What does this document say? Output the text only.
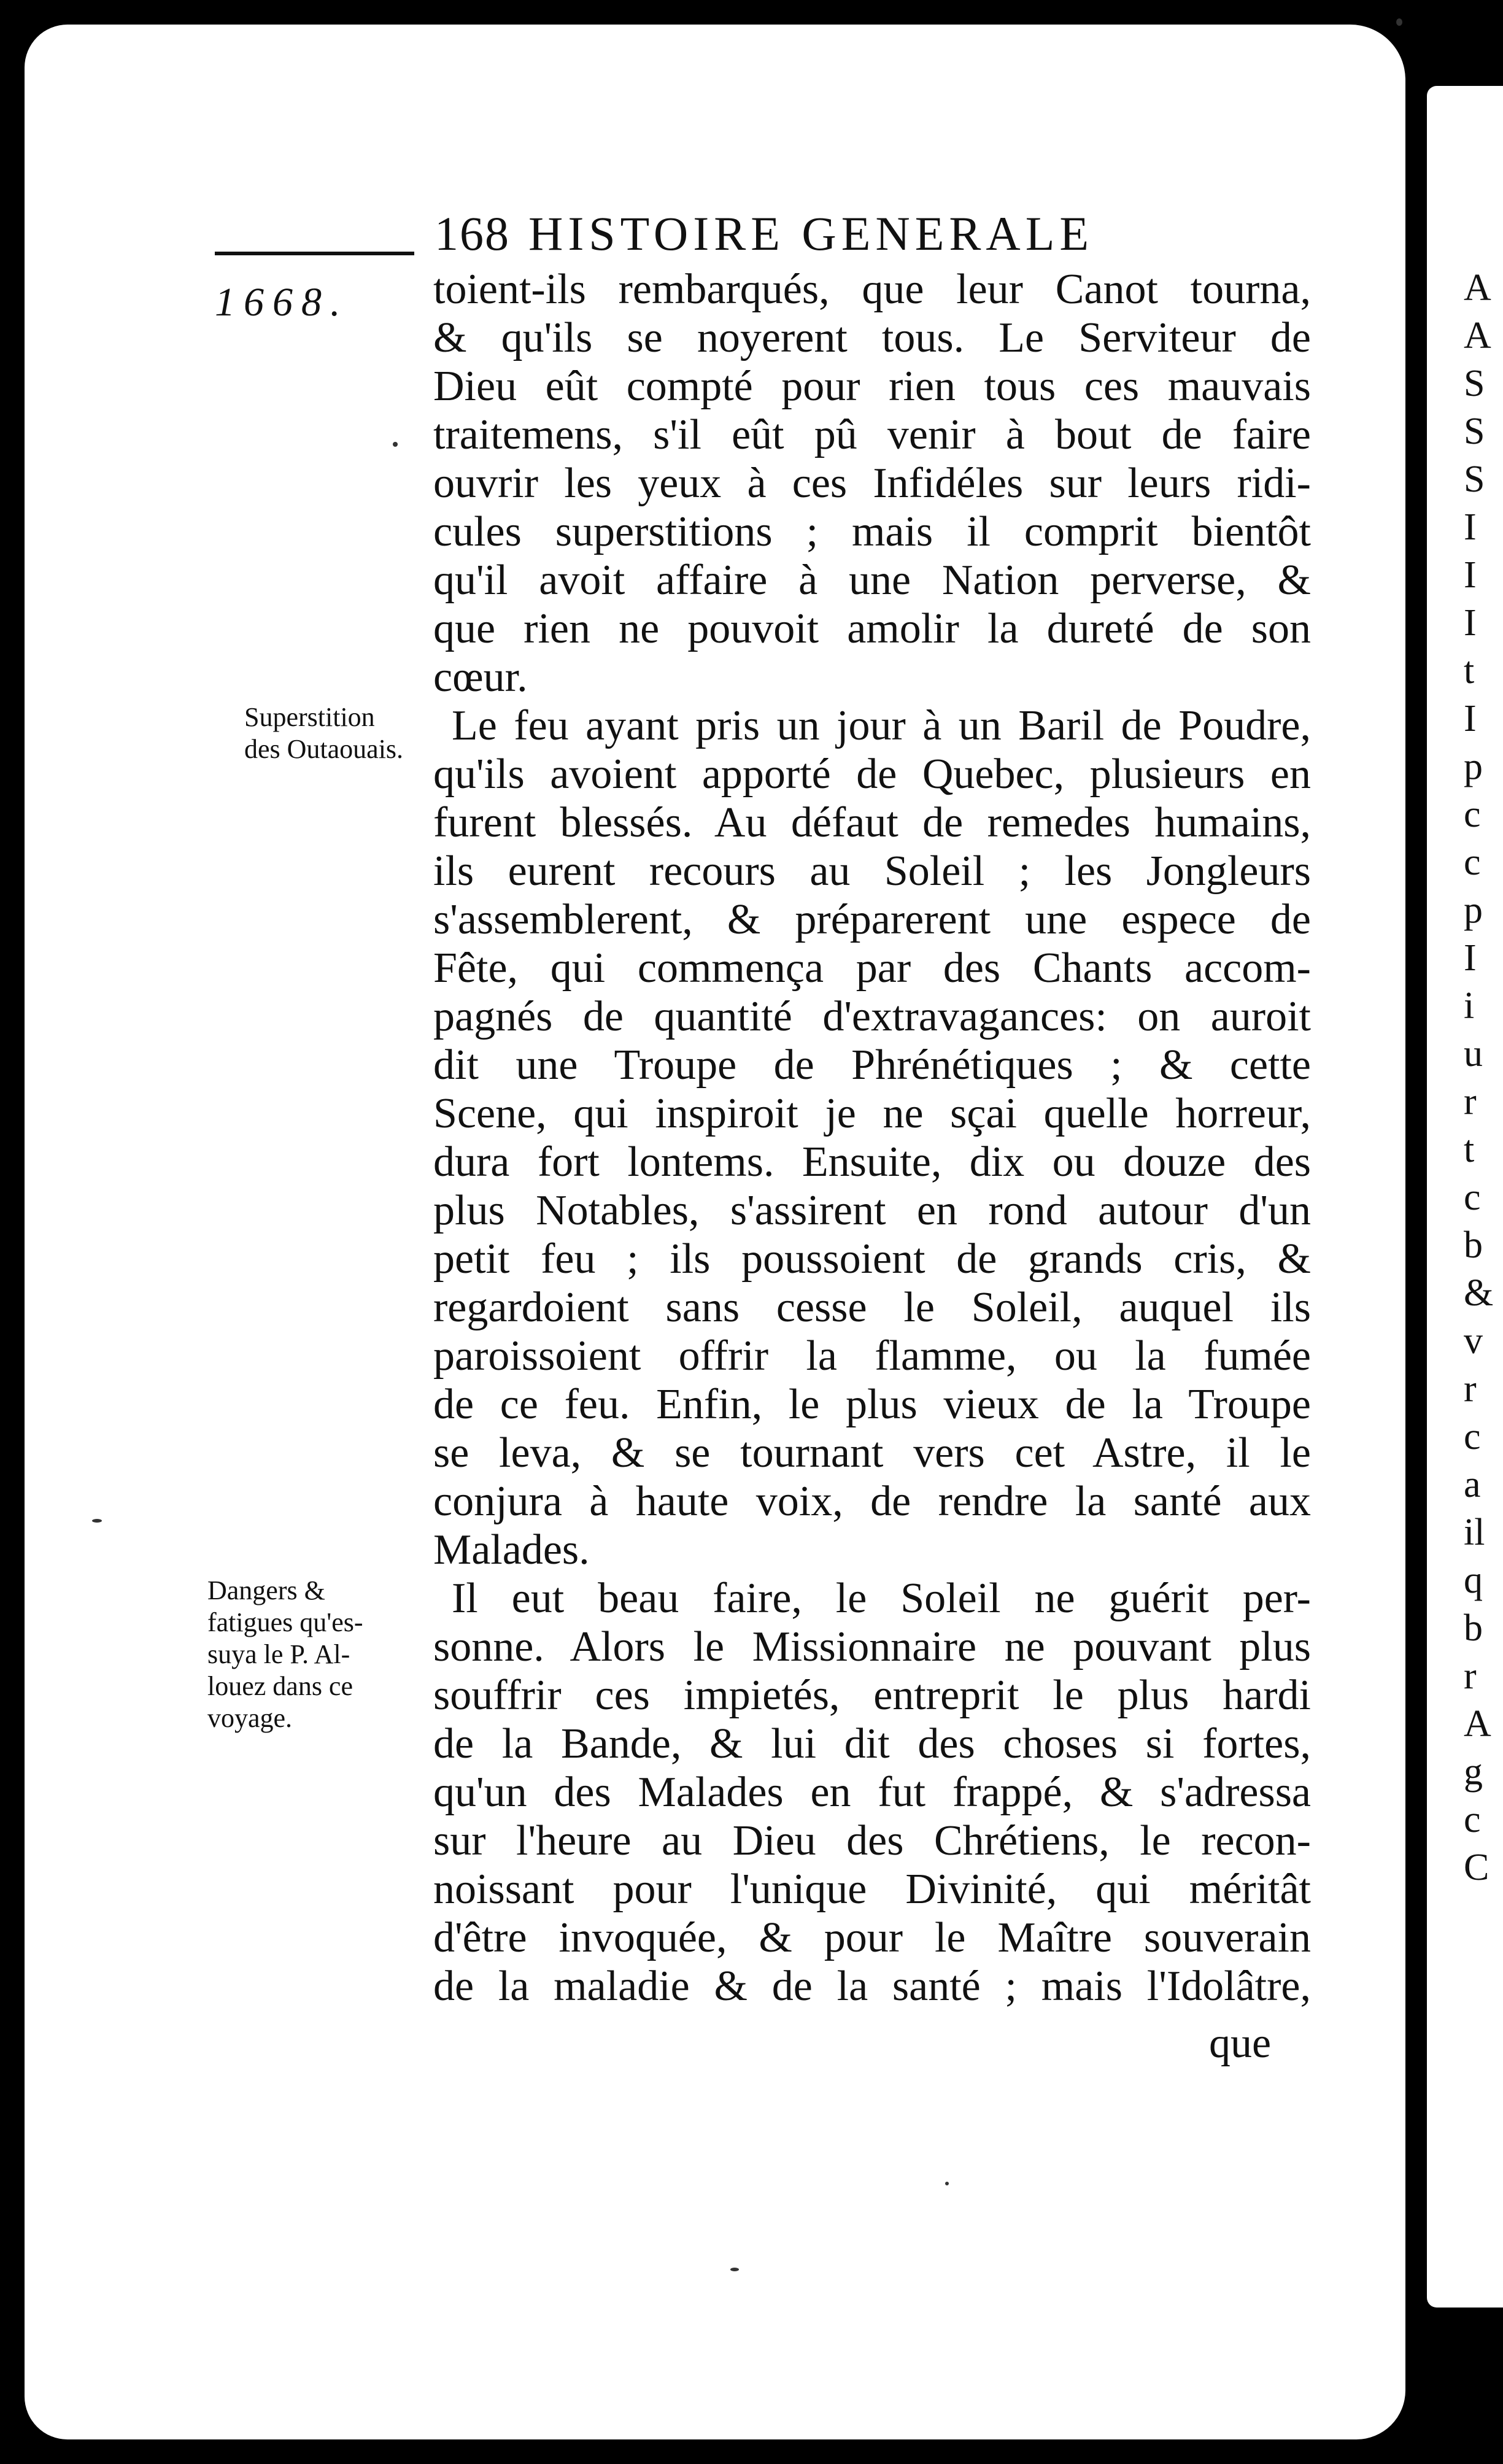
A
A
S
S
S
I
I
I
t
I
p
c
c
p
I
i
u
r
t
c
b
&
v
r
c
a
il
q
b
r
A
g
c
C
168 HISTOIRE GENERALE
1668.
Superstition
des Outaouais.
Dangers &
fatigues qu'es-
suya le P. Al-
louez dans ce
voyage.
toient-ils rembarqués, que leur Canot tourna,
& qu'ils se noyerent tous. Le Serviteur de
Dieu eût compté pour rien tous ces mauvais
traitemens, s'il eût pû venir à bout de faire
ouvrir les yeux à ces Infidéles sur leurs ridi-
cules superstitions ; mais il comprit bientôt
qu'il avoit affaire à une Nation perverse, &
que rien ne pouvoit amolir la dureté de son
cœur.
Le feu ayant pris un jour à un Baril de Poudre,
qu'ils avoient apporté de Quebec, plusieurs en
furent blessés. Au défaut de remedes humains,
ils eurent recours au Soleil ; les Jongleurs
s'assemblerent, & préparerent une espece de
Fête, qui commença par des Chants accom-
pagnés de quantité d'extravagances: on auroit
dit une Troupe de Phrénétiques ; & cette
Scene, qui inspiroit je ne sçai quelle horreur,
dura fort lontems. Ensuite, dix ou douze des
plus Notables, s'assirent en rond autour d'un
petit feu ; ils poussoient de grands cris, &
regardoient sans cesse le Soleil, auquel ils
paroissoient offrir la flamme, ou la fumée
de ce feu. Enfin, le plus vieux de la Troupe
se leva, & se tournant vers cet Astre, il le
conjura à haute voix, de rendre la santé aux
Malades.
Il eut beau faire, le Soleil ne guérit per-
sonne. Alors le Missionnaire ne pouvant plus
souffrir ces impietés, entreprit le plus hardi
de la Bande, & lui dit des choses si fortes,
qu'un des Malades en fut frappé, & s'adressa
sur l'heure au Dieu des Chrétiens, le recon-
noissant pour l'unique Divinité, qui méritât
d'être invoquée, & pour le Maître souverain
de la maladie & de la santé ; mais l'Idolâtre,
que
